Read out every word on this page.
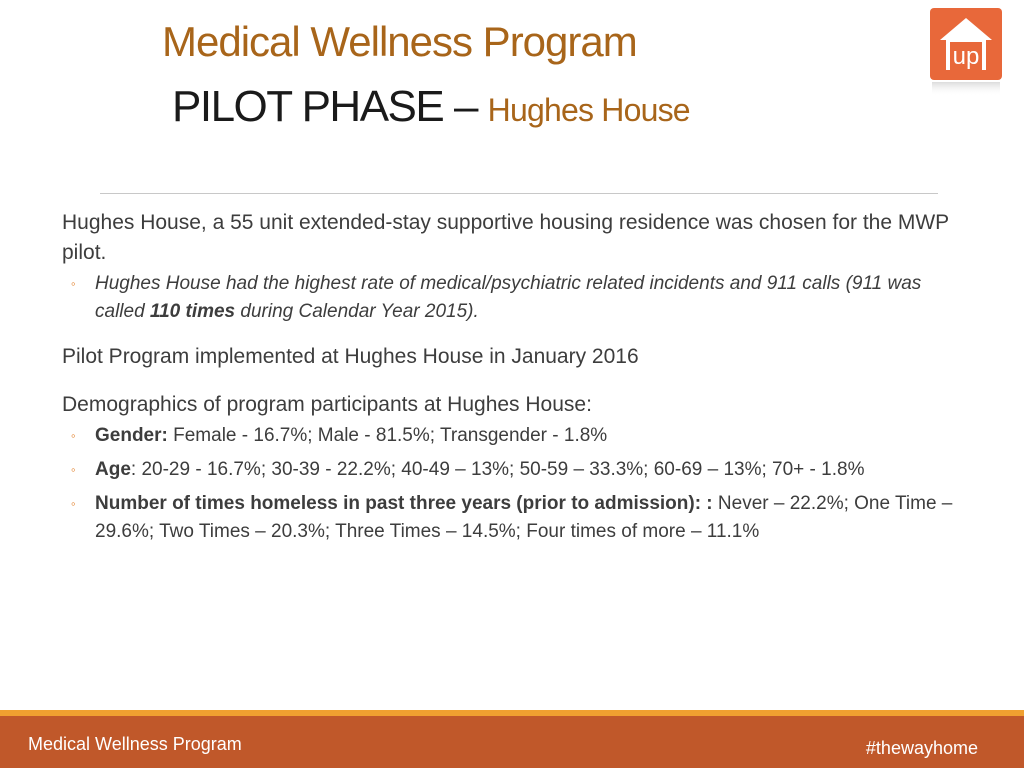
Medical Wellness Program
PILOT PHASE – Hughes House
up
Hughes House, a 55 unit extended-stay supportive housing residence was chosen for the MWP pilot.
◦ Hughes House had the highest rate of medical/psychiatric related incidents and 911 calls (911 was called 110 times during Calendar Year 2015).
Pilot Program implemented at Hughes House in January 2016
Demographics of program participants at Hughes House:
◦ Gender: Female - 16.7%; Male - 81.5%; Transgender - 1.8%
◦ Age: 20-29 - 16.7%; 30-39 - 22.2%; 40-49 – 13%; 50-59 – 33.3%; 60-69 – 13%; 70+ - 1.8%
◦ Number of times homeless in past three years (prior to admission): : Never – 22.2%; One Time – 29.6%; Two Times – 20.3%; Three Times – 14.5%; Four times of more – 11.1%
Medical Wellness Program	#thewayhome
